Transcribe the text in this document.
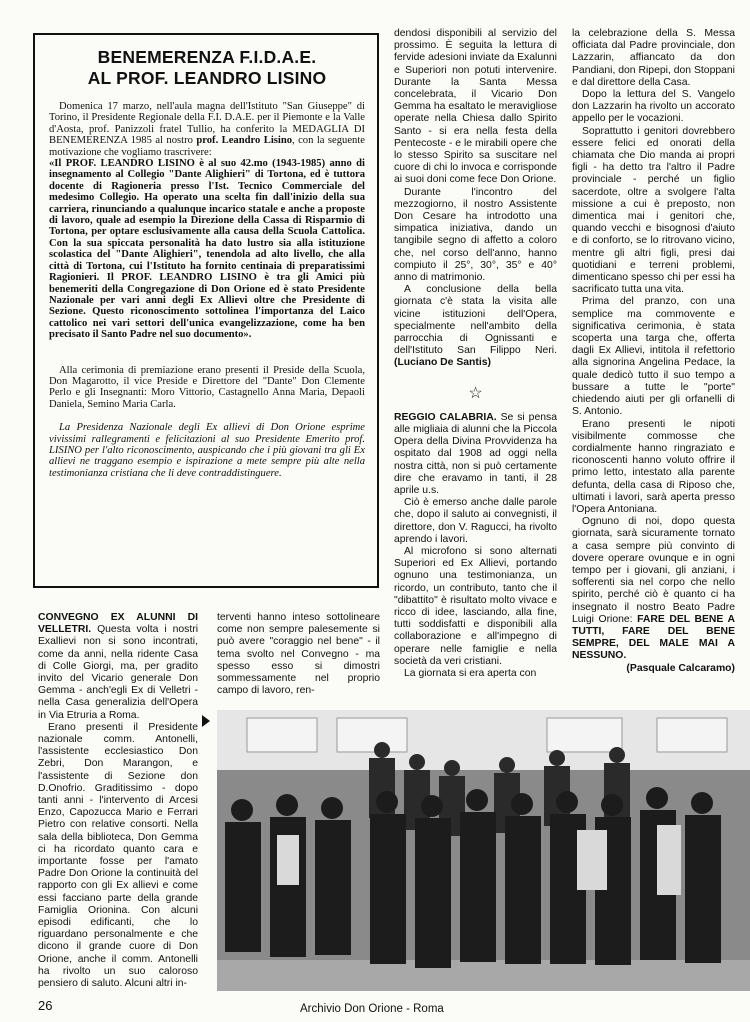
BENEMERENZA F.I.D.A.E.
AL PROF. LEANDRO LISINO

Domenica 17 marzo, nell'aula magna dell'Istituto "San Giuseppe" di Torino, il Presidente Regionale della F.I. D.A.E. per il Piemonte e la Valle d'Aosta, prof. Panizzoli fratel Tullio, ha conferito la MEDAGLIA DI BENEMERENZA 1985 al nostro prof. Leandro Lisino, con la seguente motivazione che vogliamo trascrivere:

«Il PROF. LEANDRO LISINO è al suo 42.mo (1943-1985) anno di insegnamento al Collegio "Dante Alighieri" di Tortona, ed è tuttora docente di Ragioneria presso l'Ist. Tecnico Commerciale del medesimo Collegio. Ha operato una scelta fin dall'inizio della sua carriera, rinunciando a qualunque incarico statale e anche a proposte di lavoro, quale ad esempio la Direzione della Cassa di Risparmio di Tortona, per optare esclusivamente alla causa della Scuola Cattolica. Con la sua spiccata personalità ha dato lustro sia alla istituzione scolastica del "Dante Alighieri", tenendola ad alto livello, che alla città di Tortona, cui l'Istituto ha fornito centinaia di preparatissimi Ragionieri. Il PROF. LEANDRO LISINO è tra gli Amici più benemeriti della Congregazione di Don Orione ed è stato Presidente Nazionale per vari anni degli Ex Allievi oltre che Presidente di Sezione. Questo riconoscimento sottolinea l'importanza del Laico cattolico nei vari settori dell'unica evangelizzazione, come ha ben precisato il Santo Padre nel suo documento».

Alla cerimonia di premiazione erano presenti il Preside della Scuola, Don Magarotto, il vice Preside e Direttore del "Dante" Don Clemente Perlo e gli Insegnanti: Moro Vittorio, Castagnello Anna Maria, Depaoli Daniela, Semino Maria Carla.

La Presidenza Nazionale degli Ex allievi di Don Orione esprime vivissimi rallegramenti e felicitazioni al suo Presidente Emerito prof. LISINO per l'alto riconoscimento, auspicando che i più giovani tra gli Ex allievi ne traggano esempio e ispirazione a mete sempre più alte nella testimonianza cristiana che li deve contraddistinguere.

dendosi disponibili al servizio del prossimo. È seguita la lettura di fervide adesioni inviate da Exalunni e Superiori non potuti intervenire. Durante la Santa Messa concelebrata, il Vicario Don Gemma ha esaltato le meravigliose operate nella Chiesa dallo Spirito Santo - si era nella festa della Pentecoste - e le mirabili opere che lo stesso Spirito sa suscitare nel cuore di chi lo invoca e corrisponde ai suoi doni come fece Don Orione.

Durante l'incontro del mezzogiorno, il nostro Assistente Don Cesare ha introdotto una simpatica iniziativa, dando un tangibile segno di affetto a coloro che, nel corso dell'anno, hanno compiuto il 25°, 30°, 35° e 40° anno di matrimonio.

A conclusione della bella giornata c'è stata la visita alle vicine istituzioni dell'Opera, specialmente nell'ambito della parrocchia di Ognissanti e dell'Istituto San Filippo Neri. (Luciano De Santis)

☆

REGGIO CALABRIA. Se si pensa alle migliaia di alunni che la Piccola Opera della Divina Provvidenza ha ospitato dal 1908 ad oggi nella nostra città, non si può certamente dire che eravamo in tanti, il 28 aprile u.s.

Ciò è emerso anche dalle parole che, dopo il saluto ai convegnisti, il direttore, don V. Ragucci, ha rivolto aprendo i lavori.

Al microfono si sono alternati Superiori ed Ex Allievi, portando ognuno una testimonianza, un ricordo, un contributo, tanto che il "dibattito" è risultato molto vivace e ricco di idee, lasciando, alla fine, tutti soddisfatti e disponibili alla collaborazione e all'impegno di operare nelle famiglie e nella società da veri cristiani.

La giornata si era aperta con

la celebrazione della S. Messa officiata dal Padre provinciale, don Lazzarin, affiancato da don Pandiani, don Ripepi, don Stoppani e dal direttore della Casa.

Dopo la lettura del S. Vangelo don Lazzarin ha rivolto un accorato appello per le vocazioni.

Soprattutto i genitori dovrebbero essere felici ed onorati della chiamata che Dio manda ai propri figli - ha detto tra l'altro il Padre provinciale - perché un figlio sacerdote, oltre a svolgere l'alta missione a cui è preposto, non dimentica mai i genitori che, quando vecchi e bisognosi d'aiuto e di conforto, se lo ritrovano vicino, mentre gli altri figli, presi dai quotidiani e terreni problemi, dimenticano spesso chi per essi ha sacrificato tutta una vita.

Prima del pranzo, con una semplice ma commovente e significativa cerimonia, è stata scoperta una targa che, offerta dagli Ex Allievi, intitola il refettorio alla signorina Angelina Pedace, la quale dedicò tutto il suo tempo a bussare a tutte le "porte" chiedendo aiuti per gli orfanelli di S. Antonio.

Erano presenti le nipoti visibilmente commosse che cordialmente hanno ringraziato e riconoscenti hanno voluto offrire il primo letto, intestato alla parente defunta, della casa di Riposo che, ultimati i lavori, sarà aperta presso l'Opera Antoniana.

Ognuno di noi, dopo questa giornata, sarà sicuramente tornato a casa sempre più convinto di dovere operare ovunque e in ogni tempo per i giovani, gli anziani, i sofferenti sia nel corpo che nello spirito, perché ciò è quanto ci ha insegnato il nostro Beato Padre Luigi Orione: FARE DEL BENE A TUTTI, FARE DEL BENE SEMPRE, DEL MALE MAI A NESSUNO.

(Pasquale Calcaramo)

CONVEGNO EX ALUNNI DI VELLETRI. Questa volta i nostri Exallievi non si sono incontrati, come da anni, nella ridente Casa di Colle Giorgi, ma, per gradito invito del Vicario generale Don Gemma - anch'egli Ex di Velletri - nella Casa generalizia dell'Opera in Via Etruria a Roma.

Erano presenti il Presidente nazionale comm. Antonelli, l'assistente ecclesiastico Don Zebri, Don Marangon, e l'assistente di Sezione don D.Onofrio. Graditissimo - dopo tanti anni - l'intervento di Arcesi Enzo, Capozucca Mario e Ferrari Pietro con relative consorti. Nella sala della biblioteca, Don Gemma ci ha ricordato quanto cara e importante fosse per l'amato Padre Don Orione la continuità del rapporto con gli Ex allievi e come essi facciano parte della grande Famiglia Orionina. Con alcuni episodi edificanti, che lo riguardano personalmente e che dicono il grande cuore di Don Orione, anche il comm. Antonelli ha rivolto un suo caloroso pensiero di saluto. Alcuni altri in-

terventi hanno inteso sottolineare come non sempre palesemente si può avere "coraggio nel bene" - il tema svolto nel Convegno - ma spesso esso si dimostri sommessamente nel proprio campo di lavoro, ren-

26	Archivio Don Orione - Roma
